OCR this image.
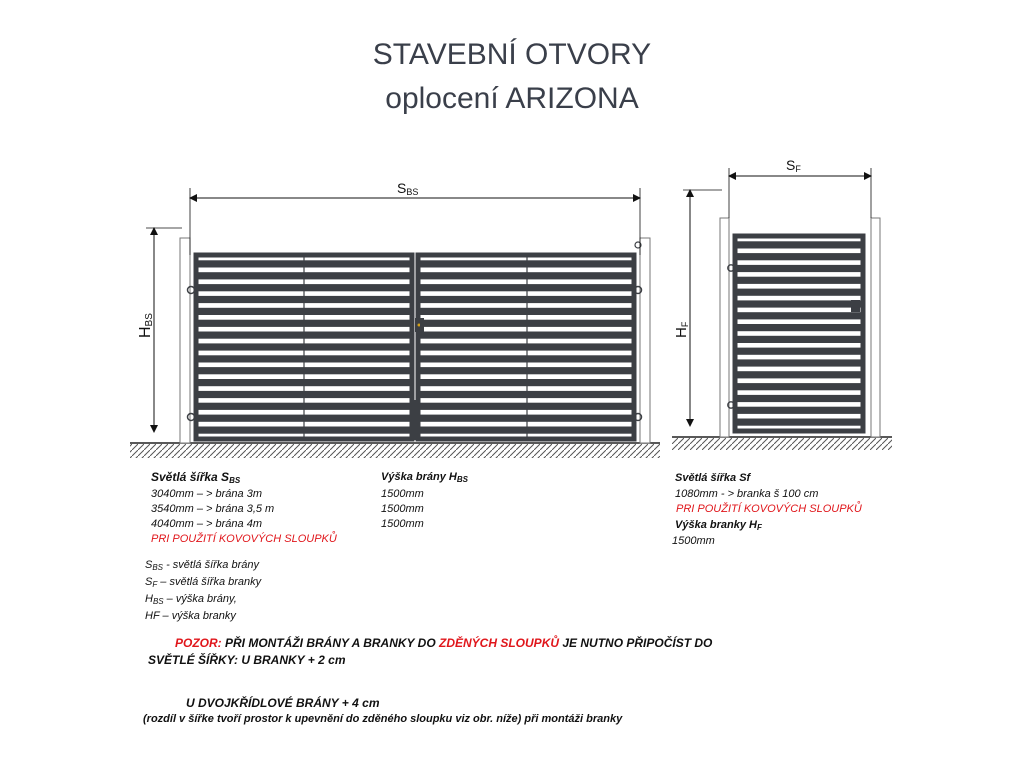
STAVEBNÍ OTVORY
oplocení ARIZONA
SBS
HBS
SF
HF
Světlá šířka $S_{BS}$
3040mm – > brána 3m
3540mm – > brána 3,5 m
4040mm – > brána 4m
PRI POUŽITÍ KOVOVÝCH SLOUPKŮ
Výška brány $H_{BS}$
1500mm
1500mm
1500mm
Světlá šířka Sf
1080mm - > branka š 100 cm
PRI POUŽITÍ KOVOVÝCH SLOUPKŮ
Výška branky $H_F$
1500mm
$S_{BS}$ - světlá šířka brány
$S_F$ – světlá šířka branky
$H_{BS}$ – výška brány,
HF – výška branky
POZOR: PŘI MONTÁŽI BRÁNY A BRANKY DO ZDĚNÝCH SLOUPKŮ JE NUTNO PŘIPOČÍST DO
SVĚTLÉ ŠÍŘKY: U BRANKY + 2 cm
U DVOJKŘÍDLOVÉ BRÁNY + 4 cm
(rozdíl v šířke tvoří prostor k upevnění do zděného sloupku viz obr. níže) při montáži branky
